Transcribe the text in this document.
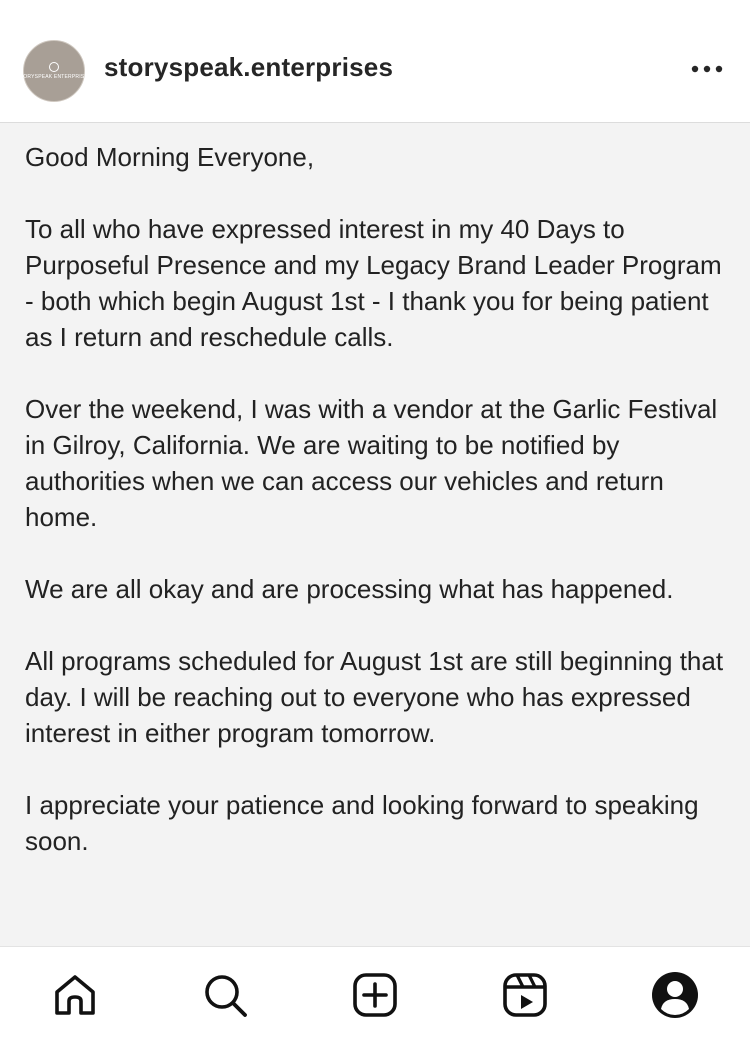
STORYSPEAK ENTERPRISES storyspeak.enterprises

Good Morning Everyone,

To all who have expressed interest in my 40 Days to Purposeful Presence and my Legacy Brand Leader Program - both which begin August 1st - I thank you for being patient as I return and reschedule calls.

Over the weekend, I was with a vendor at the Garlic Festival in Gilroy, California. We are waiting to be notified by authorities when we can access our vehicles and return home.

We are all okay and are processing what has happened.

All programs scheduled for August 1st are still beginning that day. I will be reaching out to everyone who has expressed interest in either program tomorrow.

I appreciate your patience and looking forward to speaking soon.
